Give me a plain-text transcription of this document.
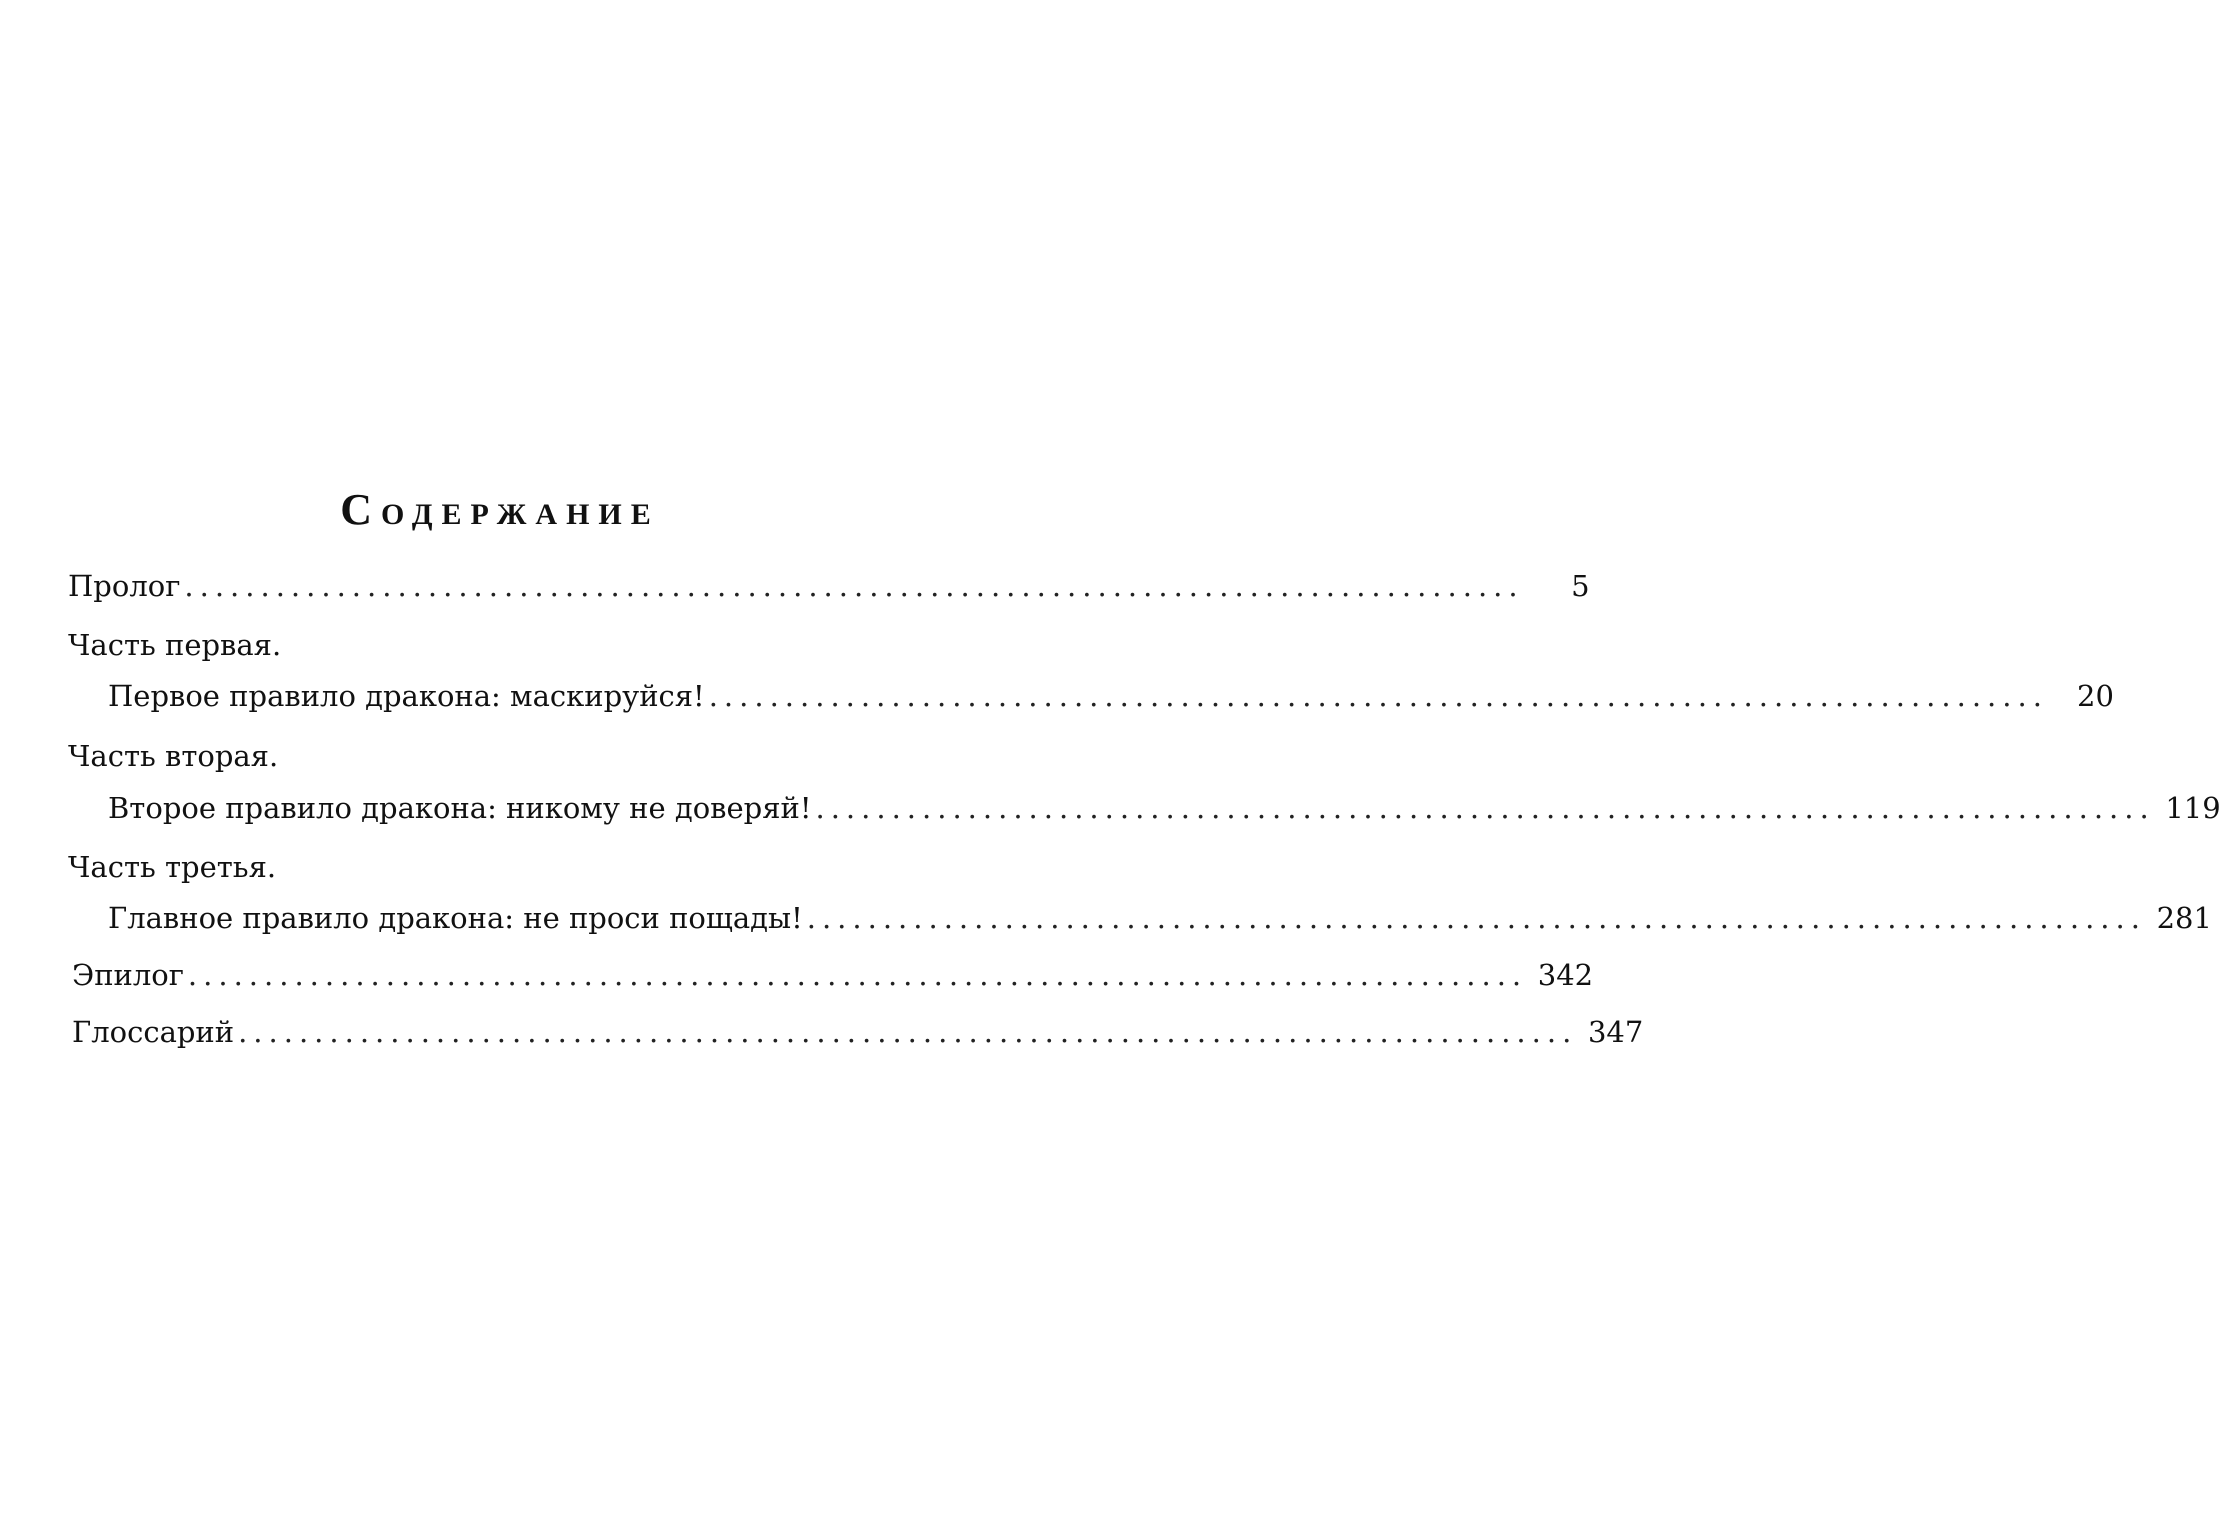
СОДЕРЖАНИЕ
Пролог ........................................................................................	5
Часть первая.
Первое правило дракона: маскируйся! ........................................................................................	20
Часть вторая.
Второе правило дракона: никому не доверяй! ........................................................................................ 119
Часть третья.
Главное правило дракона: не проси пощады! ........................................................................................ 281
Эпилог ........................................................................................ 342
Глоссарий ........................................................................................ 347
